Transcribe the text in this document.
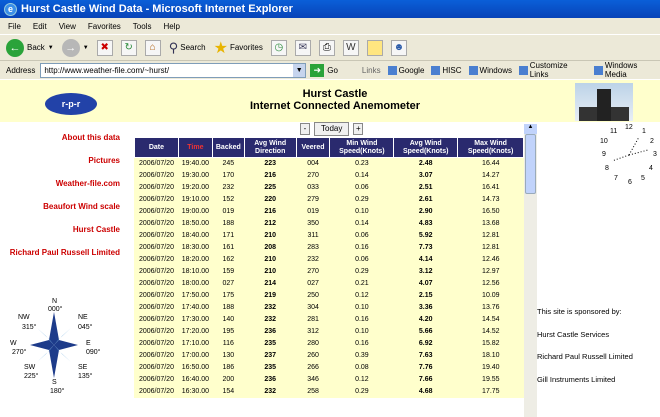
e Hurst Castle Wind Data - Microsoft Internet Explorer
File Edit View Favorites Tools Help
← Back ▼	→	▼	✖	↻	⌂ ⚲ Search ★ Favorites	◷	✉	⎙	W	☻
Address http://www.weather-file.com/~hurst/	▼	➜ Go	Links Google HISC Windows Customize Links
Windows Media
r-p-r
Hurst Castle
Internet Connected Anemometer
About this data
Pictures
Weather-file.com
Beaufort Wind scale
Hurst Castle
Richard Paul Russell Limited
N
000°
NE
045°
E
090°
SE
135°
S
180°
SW
225°
W
270°
NW
315°
-	Today	+
Date	Time	Backed	Avg Wind Direction	Veered	Min Wind Speed(Knots)	Avg Wind Speed(Knots)	Max Wind Speed(Knots)
2006/07/20	19:40.00	245	223	004	0.23	2.48	16.44
2006/07/20	19:30.00	170	216	270	0.14	3.07	14.27
2006/07/20	19:20.00	232	225	033	0.06	2.51	16.41
2006/07/20	19:10.00	152	220	279	0.29	2.61	14.73
2006/07/20	19:00.00	019	216	019	0.10	2.90	16.50
2006/07/20	18:50.00	188	212	350	0.14	4.83	13.68
2006/07/20	18:40.00	171	210	311	0.06	5.92	12.81
2006/07/20	18:30.00	161	208	283	0.16	7.73	12.81
2006/07/20	18:20.00	162	210	232	0.06	4.14	12.46
2006/07/20	18:10.00	159	210	270	0.29	3.12	12.97
2006/07/20	18:00.00	027	214	027	0.21	4.07	12.56
2006/07/20	17:50.00	175	219	250	0.12	2.15	10.09
2006/07/20	17:40.00	188	232	304	0.10	3.36	13.76
2006/07/20	17:30.00	140	232	281	0.16	4.20	14.54
2006/07/20	17:20.00	195	236	312	0.10	5.66	14.52
2006/07/20	17:10.00	116	235	280	0.16	6.92	15.82
2006/07/20	17:00.00	130	237	260	0.39	7.63	18.10
2006/07/20	16:50.00	186	235	266	0.08	7.76	19.40
2006/07/20	16:40.00	200	236	346	0.12	7.66	19.55
2006/07/20	16:30.00	154	232	258	0.29	4.68	17.75
▲	12
1
2
3
4
5
6
7
8
9
10
11
This site is sponsored by:
Hurst Castle Services
Richard Paul Russell Limited
Gill Instruments Limited
